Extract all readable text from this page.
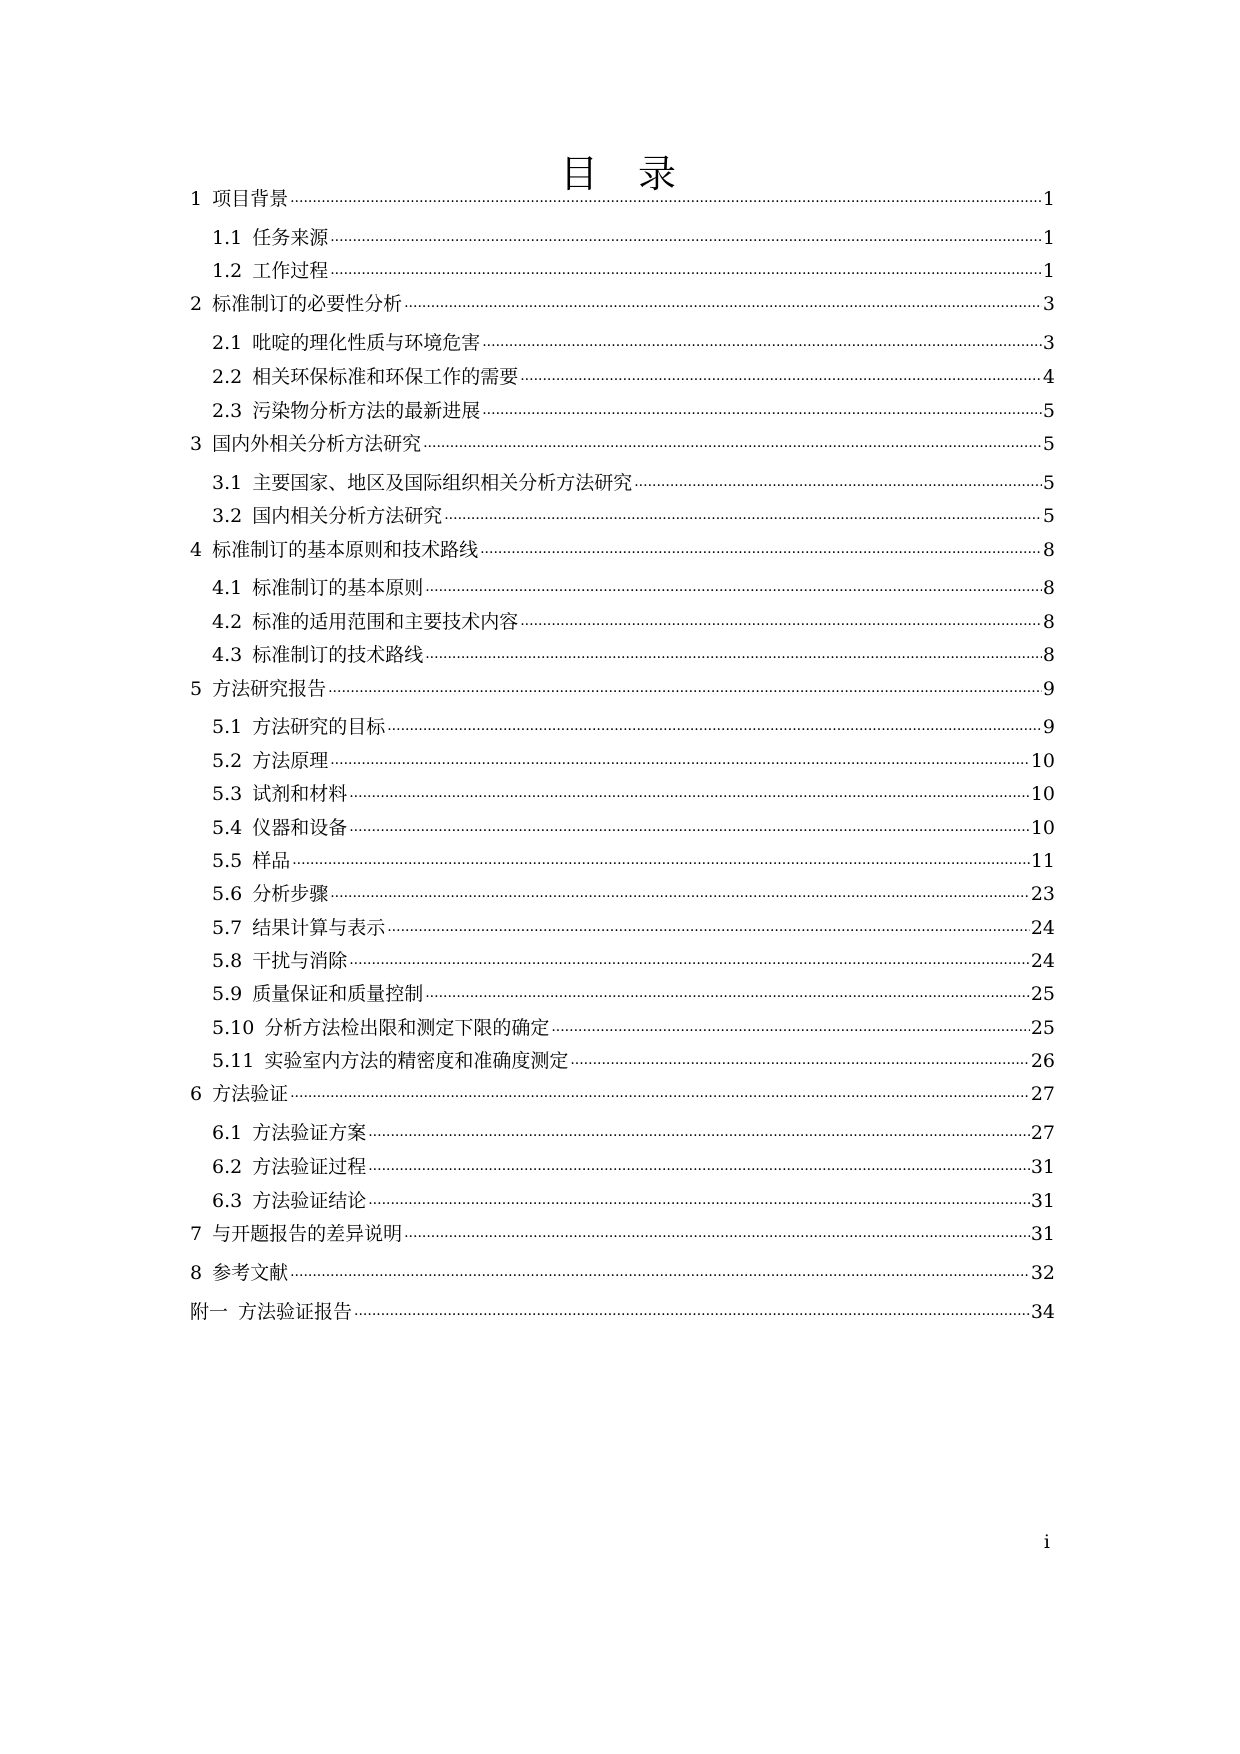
目 录
1 项目背景 .....	1
1.1 任务来源 .....	1
1.2 工作过程 .....	1
2 标准制订的必要性分析 .....	3
2.1 吡啶的理化性质与环境危害 .....	3
2.2 相关环保标准和环保工作的需要 .....	4
2.3 污染物分析方法的最新进展 .....	5
3 国内外相关分析方法研究 .....	5
3.1 主要国家、地区及国际组织相关分析方法研究 .....	5
3.2 国内相关分析方法研究 .....	5
4 标准制订的基本原则和技术路线 .....	8
4.1 标准制订的基本原则 .....	8
4.2 标准的适用范围和主要技术内容 .....	8
4.3 标准制订的技术路线 .....	8
5 方法研究报告 .....	9
5.1 方法研究的目标 .....	9
5.2 方法原理 .....	10
5.3 试剂和材料 .....	10
5.4 仪器和设备 .....	10
5.5 样品 .....	11
5.6 分析步骤 .....	23
5.7 结果计算与表示 .....	24
5.8 干扰与消除 .....	24
5.9 质量保证和质量控制 .....	25
5.10 分析方法检出限和测定下限的确定 .....	25
5.11 实验室内方法的精密度和准确度测定 .....	26
6 方法验证 .....	27
6.1 方法验证方案 .....	27
6.2 方法验证过程 .....	31
6.3 方法验证结论 .....	31
7 与开题报告的差异说明 .....	31
8 参考文献 .....	32
附一 方法验证报告 .....	34
i
